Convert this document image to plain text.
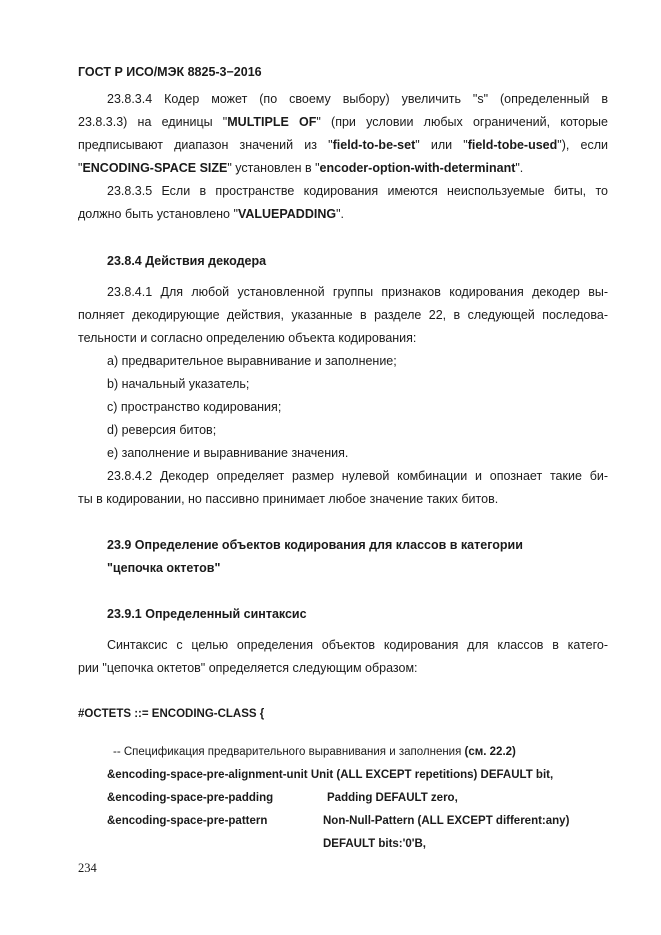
ГОСТ Р ИСО/МЭК 8825-3−2016
23.8.3.4 Кодер может (по своему выбору) увеличить "s" (определенный в
23.8.3.3) на единицы "MULTIPLE OF" (при условии любых ограничений, которые
предписывают диапазон значений из "field-to-be-set" или "field-tobe-used"), если
"ENCODING-SPACE SIZE" установлен в "encoder-option-with-determinant".
23.8.3.5 Если в пространстве кодирования имеются неиспользуемые биты, то
должно быть установлено "VALUEPADDING".
23.8.4 Действия декодера
23.8.4.1 Для любой установленной группы признаков кодирования декодер вы-
полняет декодирующие действия, указанные в разделе 22, в следующей последова-
тельности и согласно определению объекта кодирования:
a) предварительное выравнивание и заполнение;
b) начальный указатель;
c) пространство кодирования;
d) реверсия битов;
e) заполнение и выравнивание значения.
23.8.4.2 Декодер определяет размер нулевой комбинации и опознает такие би-
ты в кодировании, но пассивно принимает любое значение таких битов.
23.9 Определение объектов кодирования для классов в категории
"цепочка октетов"
23.9.1 Определенный синтаксис
Синтаксис с целью определения объектов кодирования для классов в катего-
рии "цепочка октетов" определяется следующим образом:
#OCTETS ::= ENCODING-CLASS {
-- Спецификация предварительного выравнивания и заполнения (см. 22.2)
&encoding-space-pre-alignment-unit Unit (ALL EXCEPT repetitions) DEFAULT bit,
&encoding-space-pre-padding	Padding DEFAULT zero,
&encoding-space-pre-pattern	Non-Null-Pattern (ALL EXCEPT different:any)
DEFAULT bits:'0'B,
234
